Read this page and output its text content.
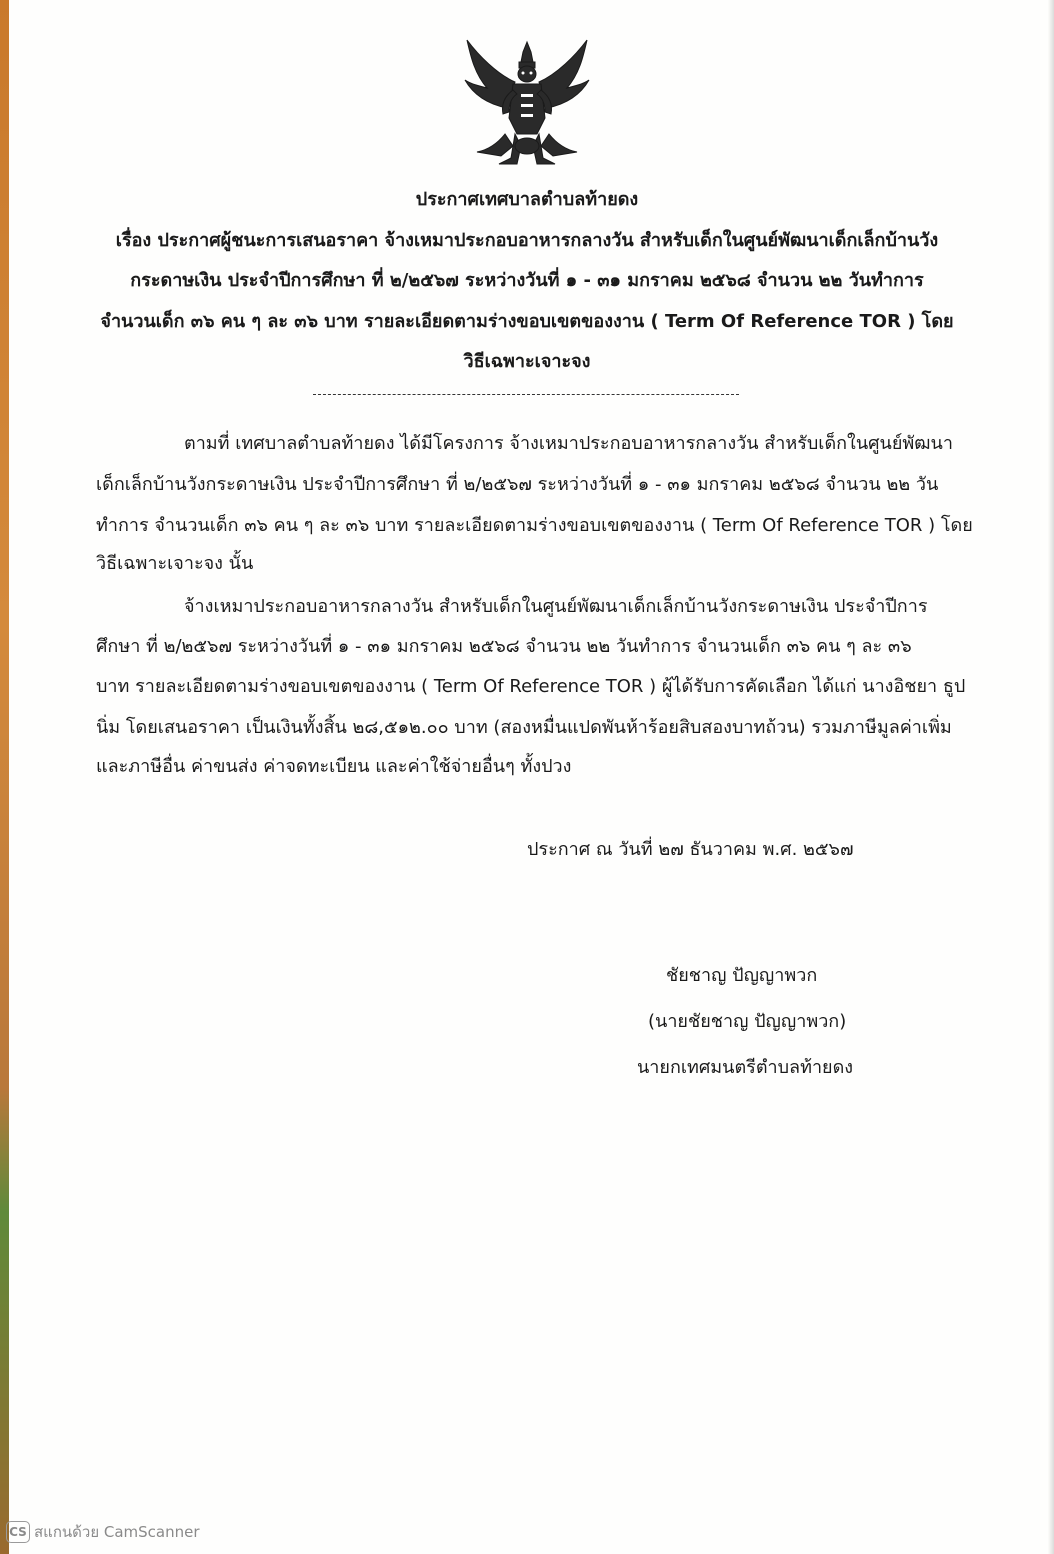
ประกาศเทศบาลตำบลท้ายดง
เรื่อง ประกาศผู้ชนะการเสนอราคา จ้างเหมาประกอบอาหารกลางวัน สำหรับเด็กในศูนย์พัฒนาเด็กเล็กบ้านวัง
กระดาษเงิน ประจำปีการศึกษา ที่ ๒/๒๕๖๗ ระหว่างวันที่ ๑ - ๓๑ มกราคม ๒๕๖๘ จำนวน ๒๒ วันทำการ
จำนวนเด็ก ๓๖ คน ๆ ละ ๓๖ บาท รายละเอียดตามร่างขอบเขตของงาน ( Term Of Reference TOR ) โดย
วิธีเฉพาะเจาะจง
ตามที่ เทศบาลตำบลท้ายดง ได้มีโครงการ จ้างเหมาประกอบอาหารกลางวัน สำหรับเด็กในศูนย์พัฒนา
เด็กเล็กบ้านวังกระดาษเงิน ประจำปีการศึกษา ที่ ๒/๒๕๖๗ ระหว่างวันที่ ๑ - ๓๑ มกราคม ๒๕๖๘ จำนวน ๒๒ วัน
ทำการ จำนวนเด็ก ๓๖ คน ๆ ละ ๓๖ บาท รายละเอียดตามร่างขอบเขตของงาน ( Term Of Reference TOR ) โดย
วิธีเฉพาะเจาะจง นั้น
จ้างเหมาประกอบอาหารกลางวัน สำหรับเด็กในศูนย์พัฒนาเด็กเล็กบ้านวังกระดาษเงิน ประจำปีการ
ศึกษา ที่ ๒/๒๕๖๗ ระหว่างวันที่ ๑ - ๓๑ มกราคม ๒๕๖๘ จำนวน ๒๒ วันทำการ จำนวนเด็ก ๓๖ คน ๆ ละ ๓๖
บาท รายละเอียดตามร่างขอบเขตของงาน ( Term Of Reference TOR ) ผู้ได้รับการคัดเลือก ได้แก่ นางอิชยา ธูป
นิ่ม โดยเสนอราคา เป็นเงินทั้งสิ้น ๒๘,๕๑๒.๐๐ บาท (สองหมื่นแปดพันห้าร้อยสิบสองบาทถ้วน) รวมภาษีมูลค่าเพิ่ม
และภาษีอื่น ค่าขนส่ง ค่าจดทะเบียน และค่าใช้จ่ายอื่นๆ ทั้งปวง
ประกาศ ณ วันที่ ๒๗ ธันวาคม พ.ศ. ๒๕๖๗
ชัยชาญ ปัญญาพวก
(นายชัยชาญ ปัญญาพวก)
นายกเทศมนตรีตำบลท้ายดง
CS สแกนด้วย CamScanner
